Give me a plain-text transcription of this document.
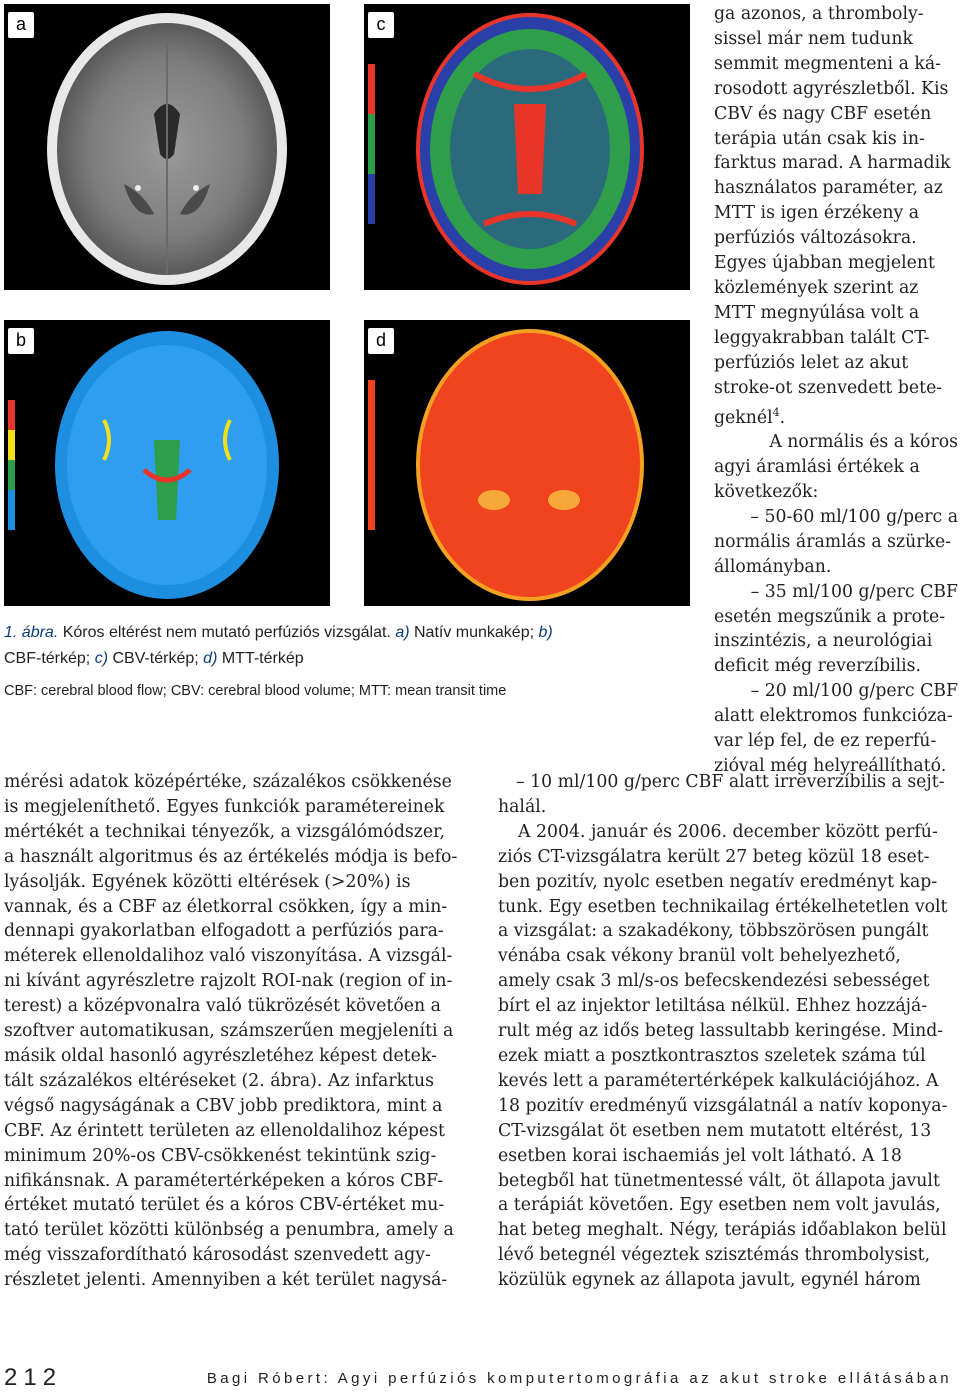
a	c
b	d
1. ábra. Kóros eltérést nem mutató perfúziós vizsgálat. a) Natív munkakép; b)
CBF-térkép; c) CBV-térkép; d) MTT-térkép
CBF: cerebral blood flow; CBV: cerebral blood volume; MTT: mean transit time
ga azonos, a thromboly-
sissel már nem tudunk
semmit megmenteni a ká-
rosodott agyrészletből. Kis
CBV és nagy CBF esetén
terápia után csak kis in-
farktus marad. A harmadik
használatos paraméter, az
MTT is igen érzékeny a
perfúziós változásokra.
Egyes újabban megjelent
közlemények szerint az
MTT megnyúlása volt a
leggyakrabban talált CT-
perfúziós lelet az akut
stroke-ot szenvedett bete-
geknél$^4$.
A normális és a kóros
agyi áramlási értékek a
következők:
– 50-60 ml/100 g/perc a
normális áramlás a szürke-
állományban.
– 35 ml/100 g/perc CBF
esetén megszűnik a prote-
inszintézis, a neurológiai
deficit még reverzíbilis.
– 20 ml/100 g/perc CBF
alatt elektromos funkcióza-
var lép fel, de ez reperfú-
zióval még helyreállítható.
mérési adatok középértéke, százalékos csökkenése
is megjeleníthető. Egyes funkciók paramétereinek
mértékét a technikai tényezők, a vizsgálómódszer,
a használt algoritmus és az értékelés módja is befo-
lyásolják. Egyének közötti eltérések (>20%) is
vannak, és a CBF az életkorral csökken, így a min-
dennapi gyakorlatban elfogadott a perfúziós para-
méterek ellenoldalihoz való viszonyítása. A vizsgál-
ni kívánt agyrészletre rajzolt ROI-nak (region of in-
terest) a középvonalra való tükrözését követően a
szoftver automatikusan, számszerűen megjeleníti a
másik oldal hasonló agyrészletéhez képest detek-
tált százalékos eltéréseket (2. ábra). Az infarktus
végső nagyságának a CBV jobb prediktora, mint a
CBF. Az érintett területen az ellenoldalihoz képest
minimum 20%-os CBV-csökkenést tekintünk szig-
nifikánsnak. A paramétertérképeken a kóros CBF-
értéket mutató terület és a kóros CBV-értéket mu-
tató terület közötti különbség a penumbra, amely a
még visszafordítható károsodást szenvedett agy-
részletet jelenti. Amennyiben a két terület nagysá-
– 10 ml/100 g/perc CBF alatt irreverzíbilis a sejt-
halál.
A 2004. január és 2006. december között perfú-
ziós CT-vizsgálatra került 27 beteg közül 18 eset-
ben pozitív, nyolc esetben negatív eredményt kap-
tunk. Egy esetben technikailag értékelhetetlen volt
a vizsgálat: a szakadékony, többszörösen pungált
vénába csak vékony branül volt behelyezhető,
amely csak 3 ml/s-os befecskendezési sebességet
bírt el az injektor letiltása nélkül. Ehhez hozzájá-
rult még az idős beteg lassultabb keringése. Mind-
ezek miatt a posztkontrasztos szeletek száma túl
kevés lett a paramétertérképek kalkulációjához. A
18 pozitív eredményű vizsgálatnál a natív koponya-
CT-vizsgálat öt esetben nem mutatott eltérést, 13
esetben korai ischaemiás jel volt látható. A 18
betegből hat tünetmentessé vált, öt állapota javult
a terápiát követően. Egy esetben nem volt javulás,
hat beteg meghalt. Négy, terápiás időablakon belül
lévő betegnél végeztek szisztémás thrombolysist,
közülük egynek az állapota javult, egynél három
212	Bagi Róbert: Agyi perfúziós komputertomográfia az akut stroke ellátásában
